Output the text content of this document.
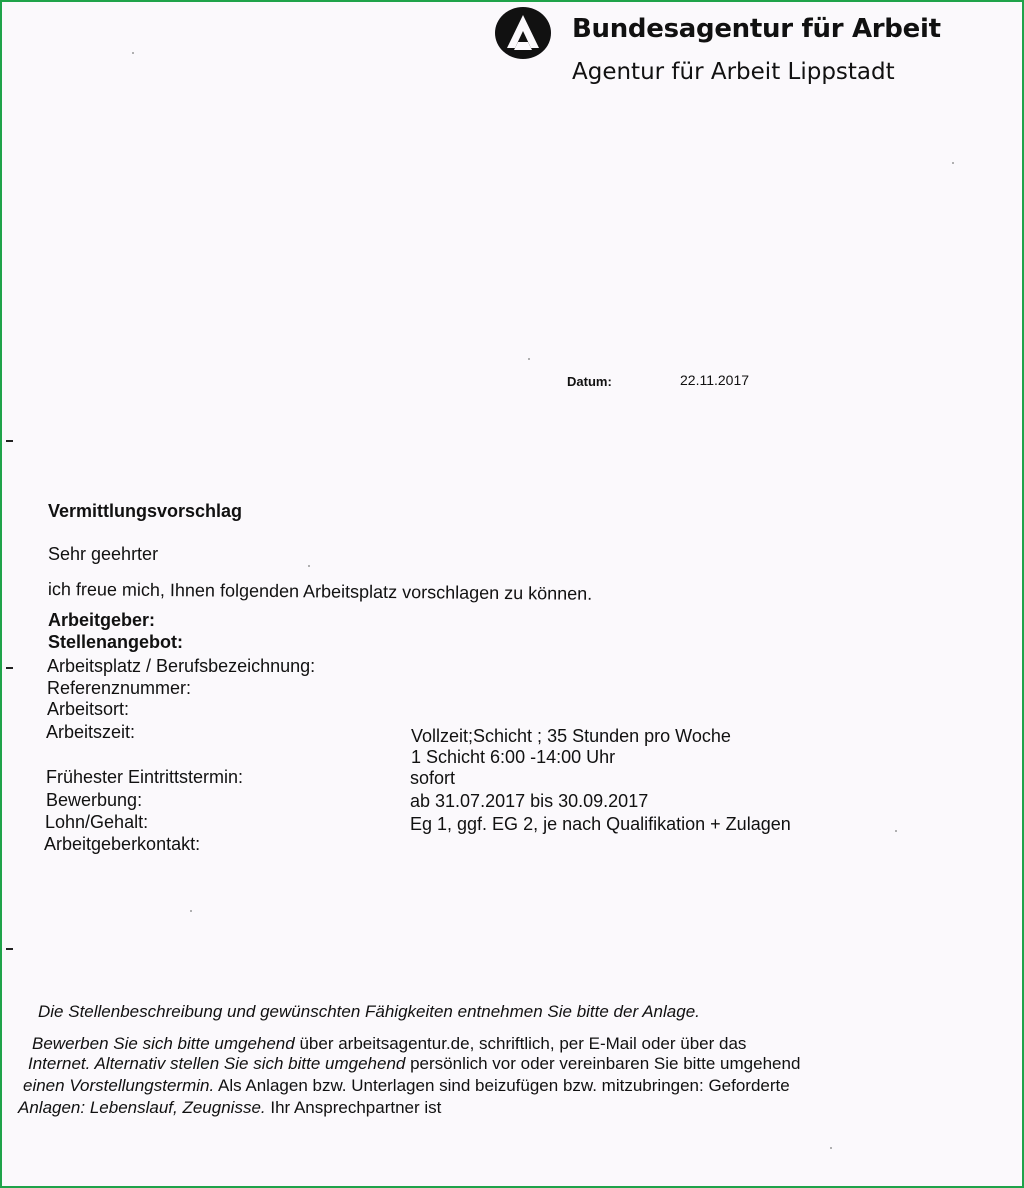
Bundesagentur für Arbeit
Agentur für Arbeit Lippstadt
Datum:	22.11.2017
Vermittlungsvorschlag
Sehr geehrter
ich freue mich, Ihnen folgenden Arbeitsplatz vorschlagen zu können.
Arbeitgeber:
Stellenangebot:
Arbeitsplatz / Berufsbezeichnung:
Referenznummer:
Arbeitsort:
Arbeitszeit:	Vollzeit;Schicht ; 35 Stunden pro Woche
1 Schicht 6:00 -14:00 Uhr
Frühester Eintrittstermin:	sofort
Bewerbung:	ab 31.07.2017 bis 30.09.2017
Lohn/Gehalt:	Eg 1, ggf. EG 2, je nach Qualifikation + Zulagen
Arbeitgeberkontakt:
Die Stellenbeschreibung und gewünschten Fähigkeiten entnehmen Sie bitte der Anlage.
Bewerben Sie sich bitte umgehend über arbeitsagentur.de, schriftlich, per E-Mail oder über das
Internet. Alternativ stellen Sie sich bitte umgehend persönlich vor oder vereinbaren Sie bitte umgehend
einen Vorstellungstermin. Als Anlagen bzw. Unterlagen sind beizufügen bzw. mitzubringen: Geforderte
Anlagen: Lebenslauf, Zeugnisse. Ihr Ansprechpartner ist
